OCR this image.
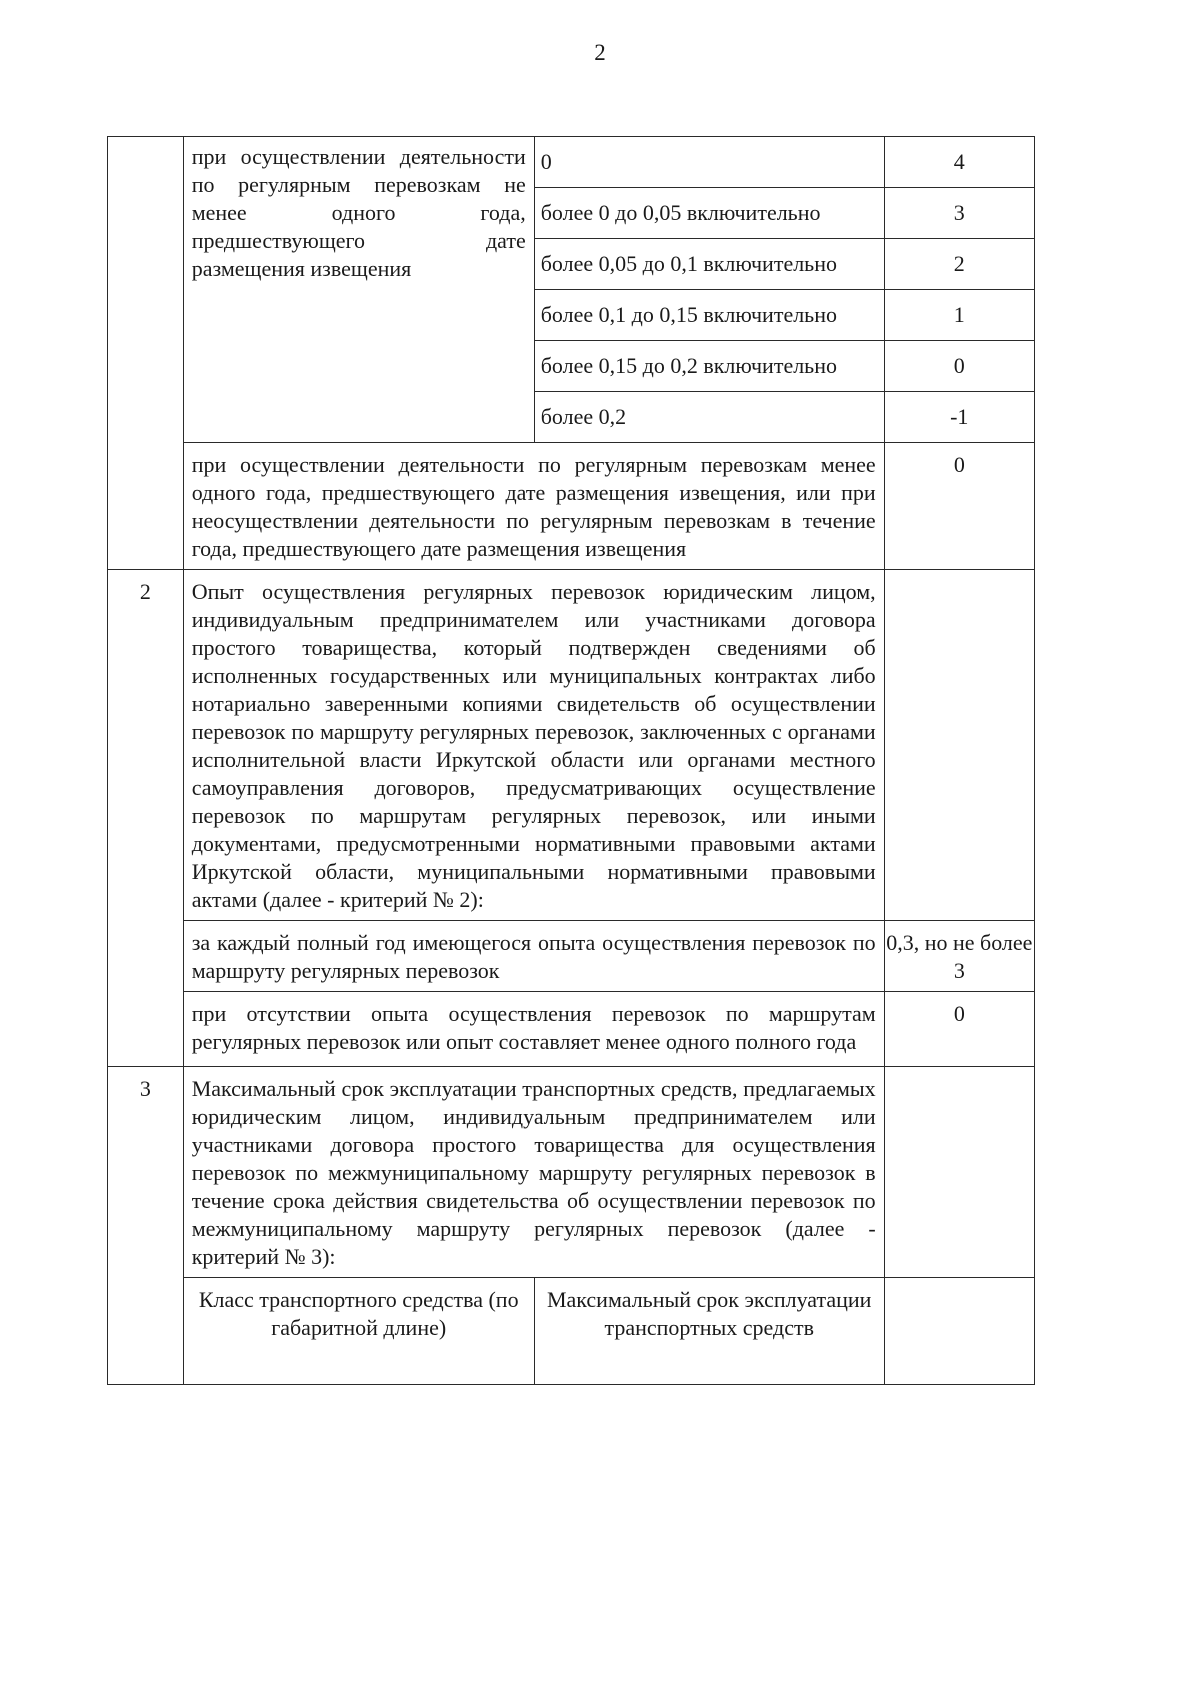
2
	при осуществлении деятельности по регулярным перевозкам не менее одного года, предшествующего дате размещения извещения	
0	4
более 0 до 0,05 включительно	3
более 0,05 до 0,1 включительно	2
более 0,1 до 0,15 включительно	1
более 0,15 до 0,2 включительно	0
более 0,2	-1

при осуществлении деятельности по регулярным перевозкам менее одного года, предшествующего дате размещения извещения, или при неосуществлении деятельности по регулярным перевозкам в течение года, предшествующего дате размещения извещения	0
2	Опыт осуществления регулярных перевозок юридическим лицом, индивидуальным предпринимателем или участниками договора простого товарищества, который подтвержден сведениями об исполненных государственных или муниципальных контрактах либо нотариально заверенными копиями свидетельств об осуществлении перевозок по маршруту регулярных перевозок, заключенных с органами исполнительной власти Иркутской области или органами местного самоуправления договоров, предусматривающих осуществление перевозок по маршрутам регулярных перевозок, или иными документами, предусмотренными нормативными правовыми актами Иркутской области, муниципальными нормативными правовыми актами (далее - критерий № 2):	
за каждый полный год имеющегося опыта осуществления перевозок по маршруту регулярных перевозок	0,3, но не более 3
при отсутствии опыта осуществления перевозок по маршрутам регулярных перевозок или опыт составляет менее одного полного года	0
3	Максимальный срок эксплуатации транспортных средств, предлагаемых юридическим лицом, индивидуальным предпринимателем или участниками договора простого товарищества для осуществления перевозок по межмуниципальному маршруту регулярных перевозок в течение срока действия свидетельства об осуществлении перевозок по межмуниципальному маршруту регулярных перевозок (далее - критерий № 3):	
Класс транспортного средства (по габаритной длине)	Максимальный срок эксплуатации транспортных средств	
